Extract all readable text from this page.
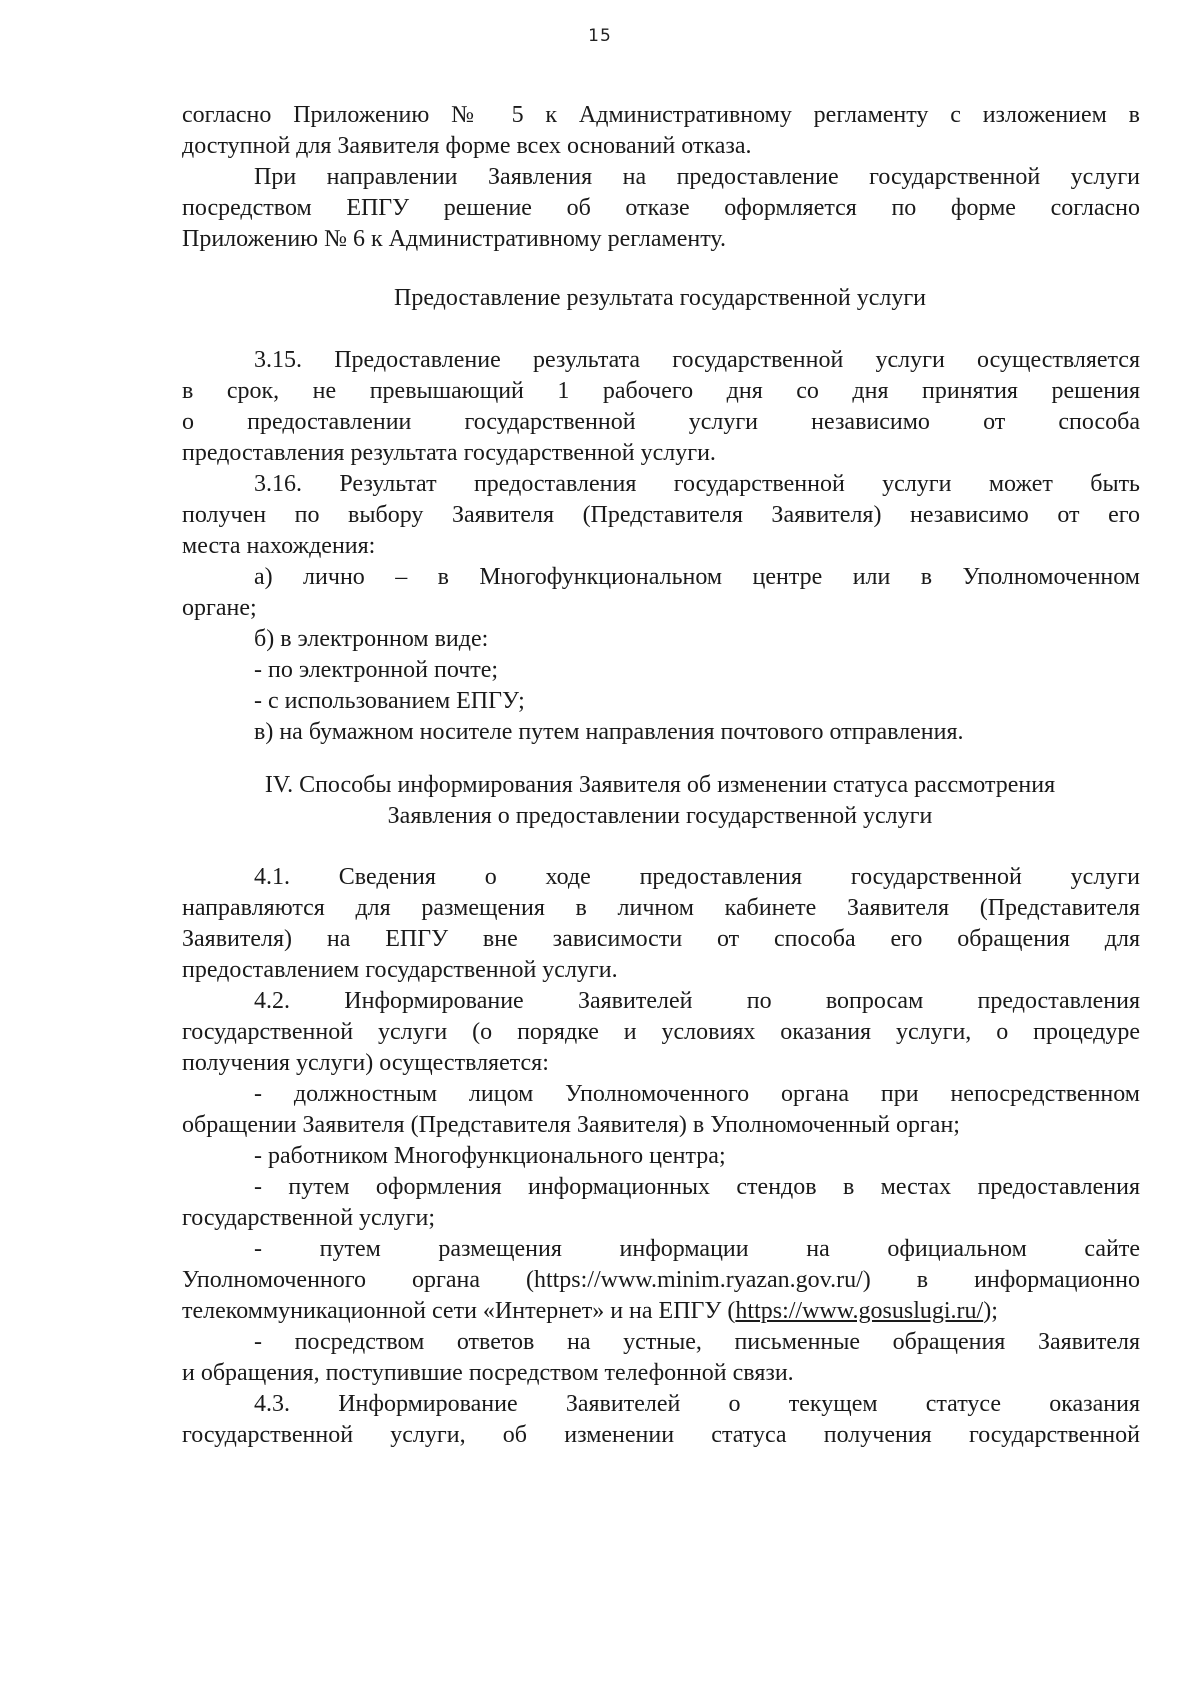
15
согласно Приложению № 5 к Административному регламенту с изложением в
доступной для Заявителя форме всех оснований отказа.
При направлении Заявления на предоставление государственной услуги
посредством ЕПГУ решение об отказе оформляется по форме согласно
Приложению № 6 к Административному регламенту.
Предоставление результата государственной услуги
3.15. Предоставление результата государственной услуги осуществляется
в срок, не превышающий 1 рабочего дня со дня принятия решения
о предоставлении государственной услуги независимо от способа
предоставления результата государственной услуги.
3.16. Результат предоставления государственной услуги может быть
получен по выбору Заявителя (Представителя Заявителя) независимо от его
места нахождения:
а) лично – в Многофункциональном центре или в Уполномоченном
органе;
б) в электронном виде:
- по электронной почте;
- с использованием ЕПГУ;
в) на бумажном носителе путем направления почтового отправления.
IV. Способы информирования Заявителя об изменении статуса рассмотрения
Заявления о предоставлении государственной услуги
4.1. Сведения о ходе предоставления государственной услуги
направляются для размещения в личном кабинете Заявителя (Представителя
Заявителя) на ЕПГУ вне зависимости от способа его обращения для
предоставлением государственной услуги.
4.2. Информирование Заявителей по вопросам предоставления
государственной услуги (о порядке и условиях оказания услуги, о процедуре
получения услуги) осуществляется:
- должностным лицом Уполномоченного органа при непосредственном
обращении Заявителя (Представителя Заявителя) в Уполномоченный орган;
- работником Многофункционального центра;
- путем оформления информационных стендов в местах предоставления
государственной услуги;
- путем размещения информации на официальном сайте
Уполномоченного органа (https://www.minim.ryazan.gov.ru/) в информационно
телекоммуникационной сети «Интернет» и на ЕПГУ (https://www.gosuslugi.ru/);
- посредством ответов на устные, письменные обращения Заявителя
и обращения, поступившие посредством телефонной связи.
4.3. Информирование Заявителей о текущем статусе оказания
государственной услуги, об изменении статуса получения государственной
